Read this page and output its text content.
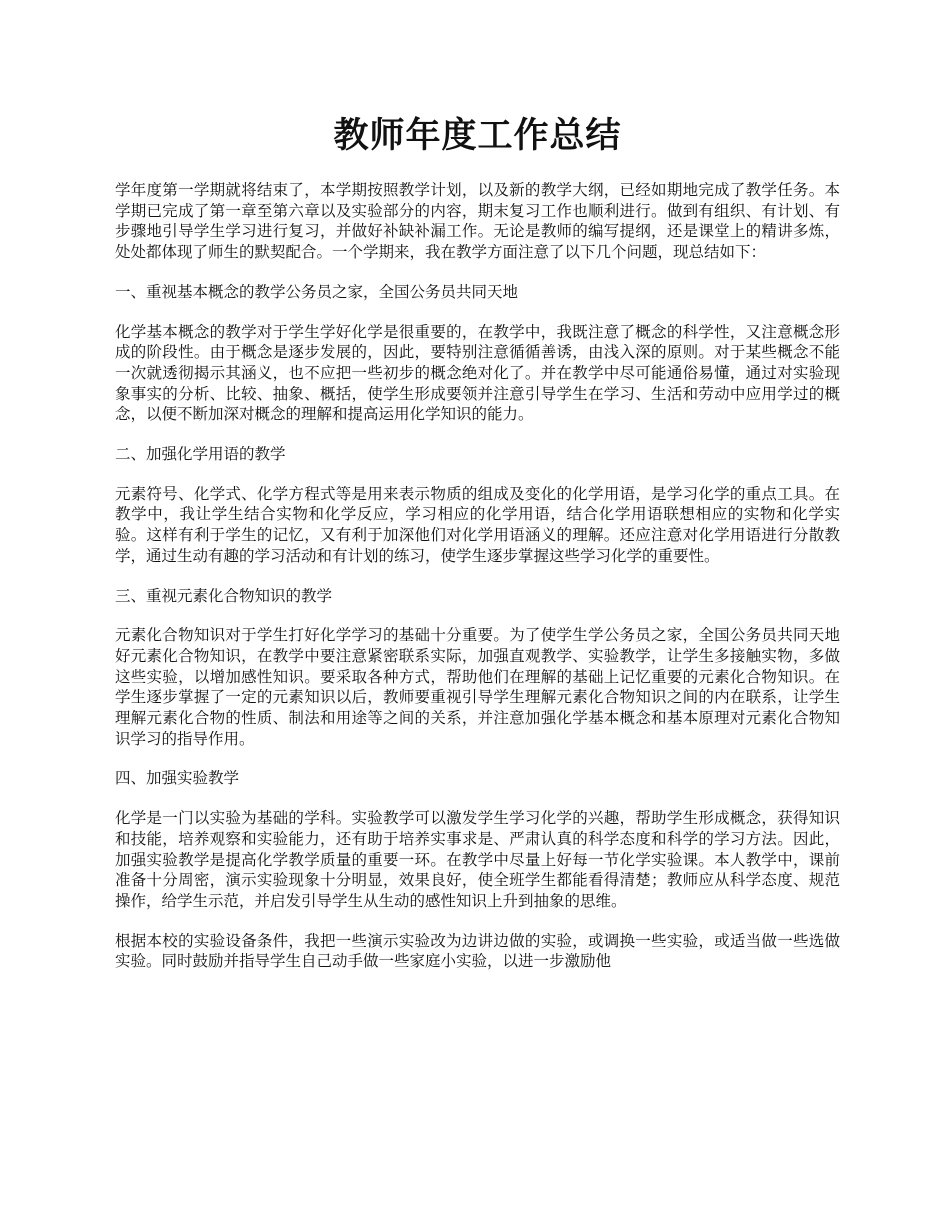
教师年度工作总结

学年度第一学期就将结束了，本学期按照教学计划，以及新的教学大纲，已经如期地完成了教学任务。本学期已完成了第一章至第六章以及实验部分的内容，期末复习工作也顺利进行。做到有组织、有计划、有步骤地引导学生学习进行复习，并做好补缺补漏工作。无论是教师的编写提纲，还是课堂上的精讲多炼，处处都体现了师生的默契配合。一个学期来，我在教学方面注意了以下几个问题，现总结如下：

一、重视基本概念的教学公务员之家，全国公务员共同天地

化学基本概念的教学对于学生学好化学是很重要的，在教学中，我既注意了概念的科学性，又注意概念形成的阶段性。由于概念是逐步发展的，因此，要特别注意循循善诱，由浅入深的原则。对于某些概念不能一次就透彻揭示其涵义，也不应把一些初步的概念绝对化了。并在教学中尽可能通俗易懂，通过对实验现象事实的分析、比较、抽象、概括，使学生形成要领并注意引导学生在学习、生活和劳动中应用学过的概念，以便不断加深对概念的理解和提高运用化学知识的能力。

二、加强化学用语的教学

元素符号、化学式、化学方程式等是用来表示物质的组成及变化的化学用语，是学习化学的重点工具。在教学中，我让学生结合实物和化学反应，学习相应的化学用语，结合化学用语联想相应的实物和化学实验。这样有利于学生的记忆，又有利于加深他们对化学用语涵义的理解。还应注意对化学用语进行分散教学，通过生动有趣的学习活动和有计划的练习，使学生逐步掌握这些学习化学的重要性。

三、重视元素化合物知识的教学

元素化合物知识对于学生打好化学学习的基础十分重要。为了使学生学公务员之家，全国公务员共同天地好元素化合物知识，在教学中要注意紧密联系实际，加强直观教学、实验教学，让学生多接触实物，多做这些实验，以增加感性知识。要采取各种方式，帮助他们在理解的基础上记忆重要的元素化合物知识。在学生逐步掌握了一定的元素知识以后，教师要重视引导学生理解元素化合物知识之间的内在联系，让学生理解元素化合物的性质、制法和用途等之间的关系，并注意加强化学基本概念和基本原理对元素化合物知识学习的指导作用。

四、加强实验教学

化学是一门以实验为基础的学科。实验教学可以激发学生学习化学的兴趣，帮助学生形成概念，获得知识和技能，培养观察和实验能力，还有助于培养实事求是、严肃认真的科学态度和科学的学习方法。因此，加强实验教学是提高化学教学质量的重要一环。在教学中尽量上好每一节化学实验课。本人教学中，课前准备十分周密，演示实验现象十分明显，效果良好，使全班学生都能看得清楚；教师应从科学态度、规范操作，给学生示范，并启发引导学生从生动的感性知识上升到抽象的思维。

根据本校的实验设备条件，我把一些演示实验改为边讲边做的实验，或调换一些实验，或适当做一些选做实验。同时鼓励并指导学生自己动手做一些家庭小实验，以进一步激励他
